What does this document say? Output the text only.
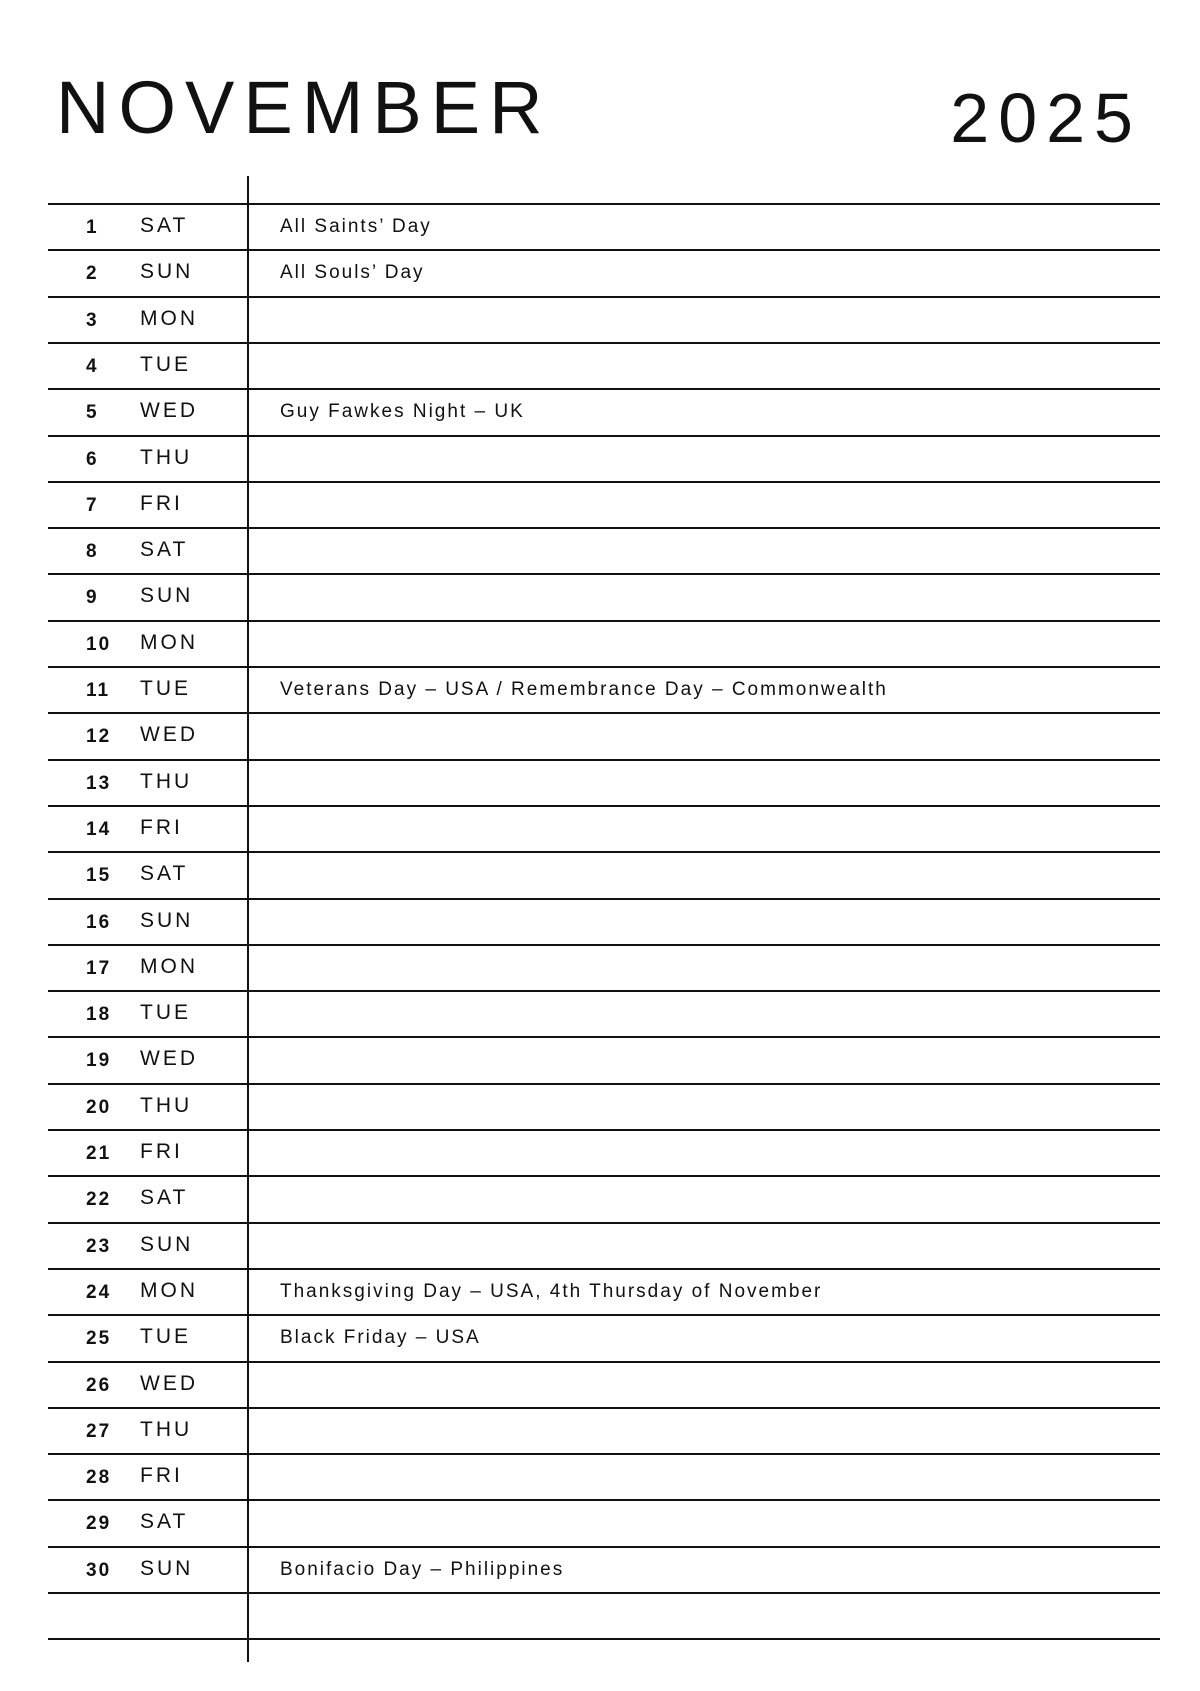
NOVEMBER	2025
1 SAT	All Saints’ Day
2 SUN	All Souls’ Day
3 MON
4 TUE
5 WED	Guy Fawkes Night – UK
6 THU
7 FRI
8 SAT
9 SUN
10 MON
11 TUE	Veterans Day – USA / Remembrance Day – Commonwealth
12 WED
13 THU
14 FRI
15 SAT
16 SUN
17 MON
18 TUE
19 WED
20 THU
21 FRI
22 SAT
23 SUN
24 MON	Thanksgiving Day – USA, 4th Thursday of November
25 TUE	Black Friday – USA
26 WED
27 THU
28 FRI
29 SAT
30 SUN	Bonifacio Day – Philippines
